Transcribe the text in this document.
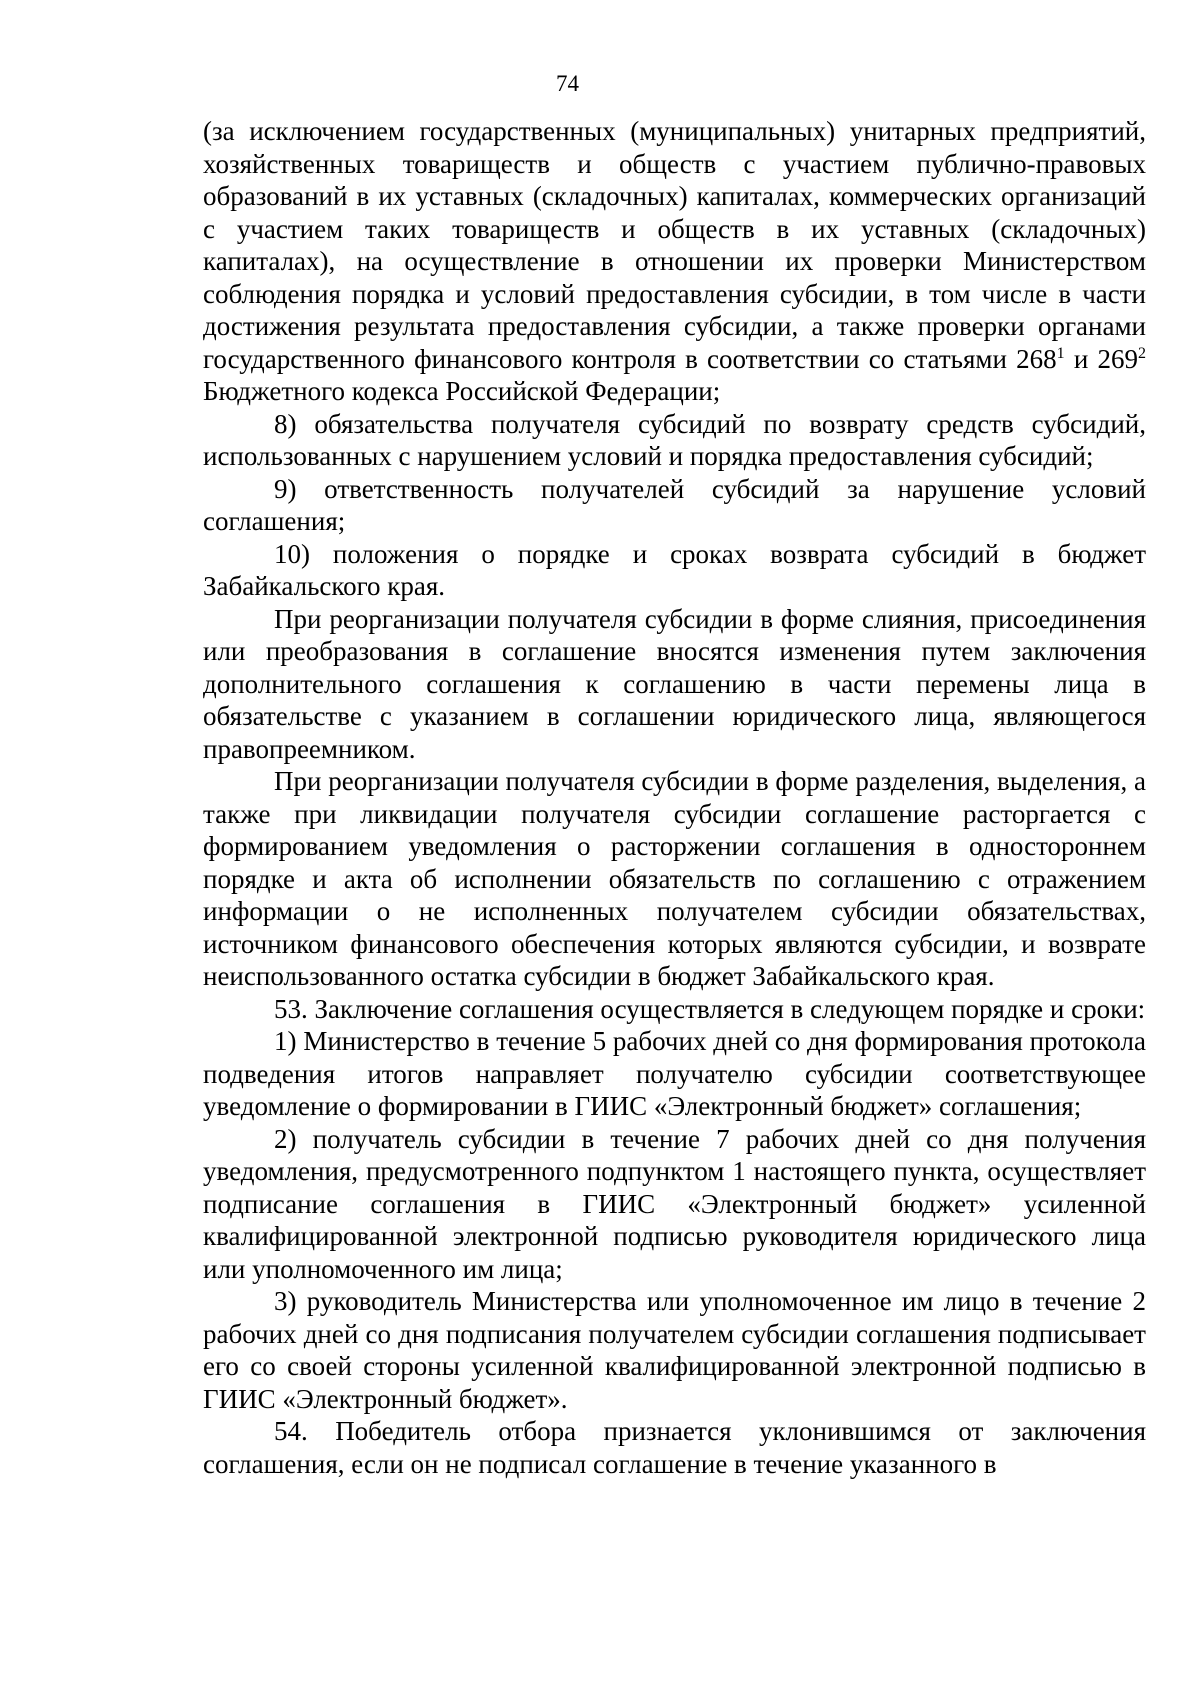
74

(за исключением государственных (муниципальных) унитарных предприятий, хозяйственных товариществ и обществ с участием публично-правовых образований в их уставных (складочных) капиталах, коммерческих организаций с участием таких товариществ и обществ в их уставных (складочных) капиталах), на осуществление в отношении их проверки Министерством соблюдения порядка и условий предоставления субсидии, в том числе в части достижения результата предоставления субсидии, а также проверки органами государственного финансового контроля в соответствии со статьями $268^1$ и $269^2$ Бюджетного кодекса Российской Федерации;

8) обязательства получателя субсидий по возврату средств субсидий, использованных с нарушением условий и порядка предоставления субсидий;

9) ответственность получателей субсидий за нарушение условий соглашения;

10) положения о порядке и сроках возврата субсидий в бюджет Забайкальского края.

При реорганизации получателя субсидии в форме слияния, присоединения или преобразования в соглашение вносятся изменения путем заключения дополнительного соглашения к соглашению в части перемены лица в обязательстве с указанием в соглашении юридического лица, являющегося правопреемником.

При реорганизации получателя субсидии в форме разделения, выделения, а также при ликвидации получателя субсидии соглашение расторгается с формированием уведомления о расторжении соглашения в одностороннем порядке и акта об исполнении обязательств по соглашению с отражением информации о не исполненных получателем субсидии обязательствах, источником финансового обеспечения которых являются субсидии, и возврате неиспользованного остатка субсидии в бюджет Забайкальского края.

53. Заключение соглашения осуществляется в следующем порядке и сроки:

1) Министерство в течение 5 рабочих дней со дня формирования протокола подведения итогов направляет получателю субсидии соответствующее уведомление о формировании в ГИИС «Электронный бюджет» соглашения;

2) получатель субсидии в течение 7 рабочих дней со дня получения уведомления, предусмотренного подпунктом 1 настоящего пункта, осуществляет подписание соглашения в ГИИС «Электронный бюджет» усиленной квалифицированной электронной подписью руководителя юридического лица или уполномоченного им лица;

3) руководитель Министерства или уполномоченное им лицо в течение 2 рабочих дней со дня подписания получателем субсидии соглашения подписывает его со своей стороны усиленной квалифицированной электронной подписью в ГИИС «Электронный бюджет».

54. Победитель отбора признается уклонившимся от заключения соглашения, если он не подписал соглашение в течение указанного в
